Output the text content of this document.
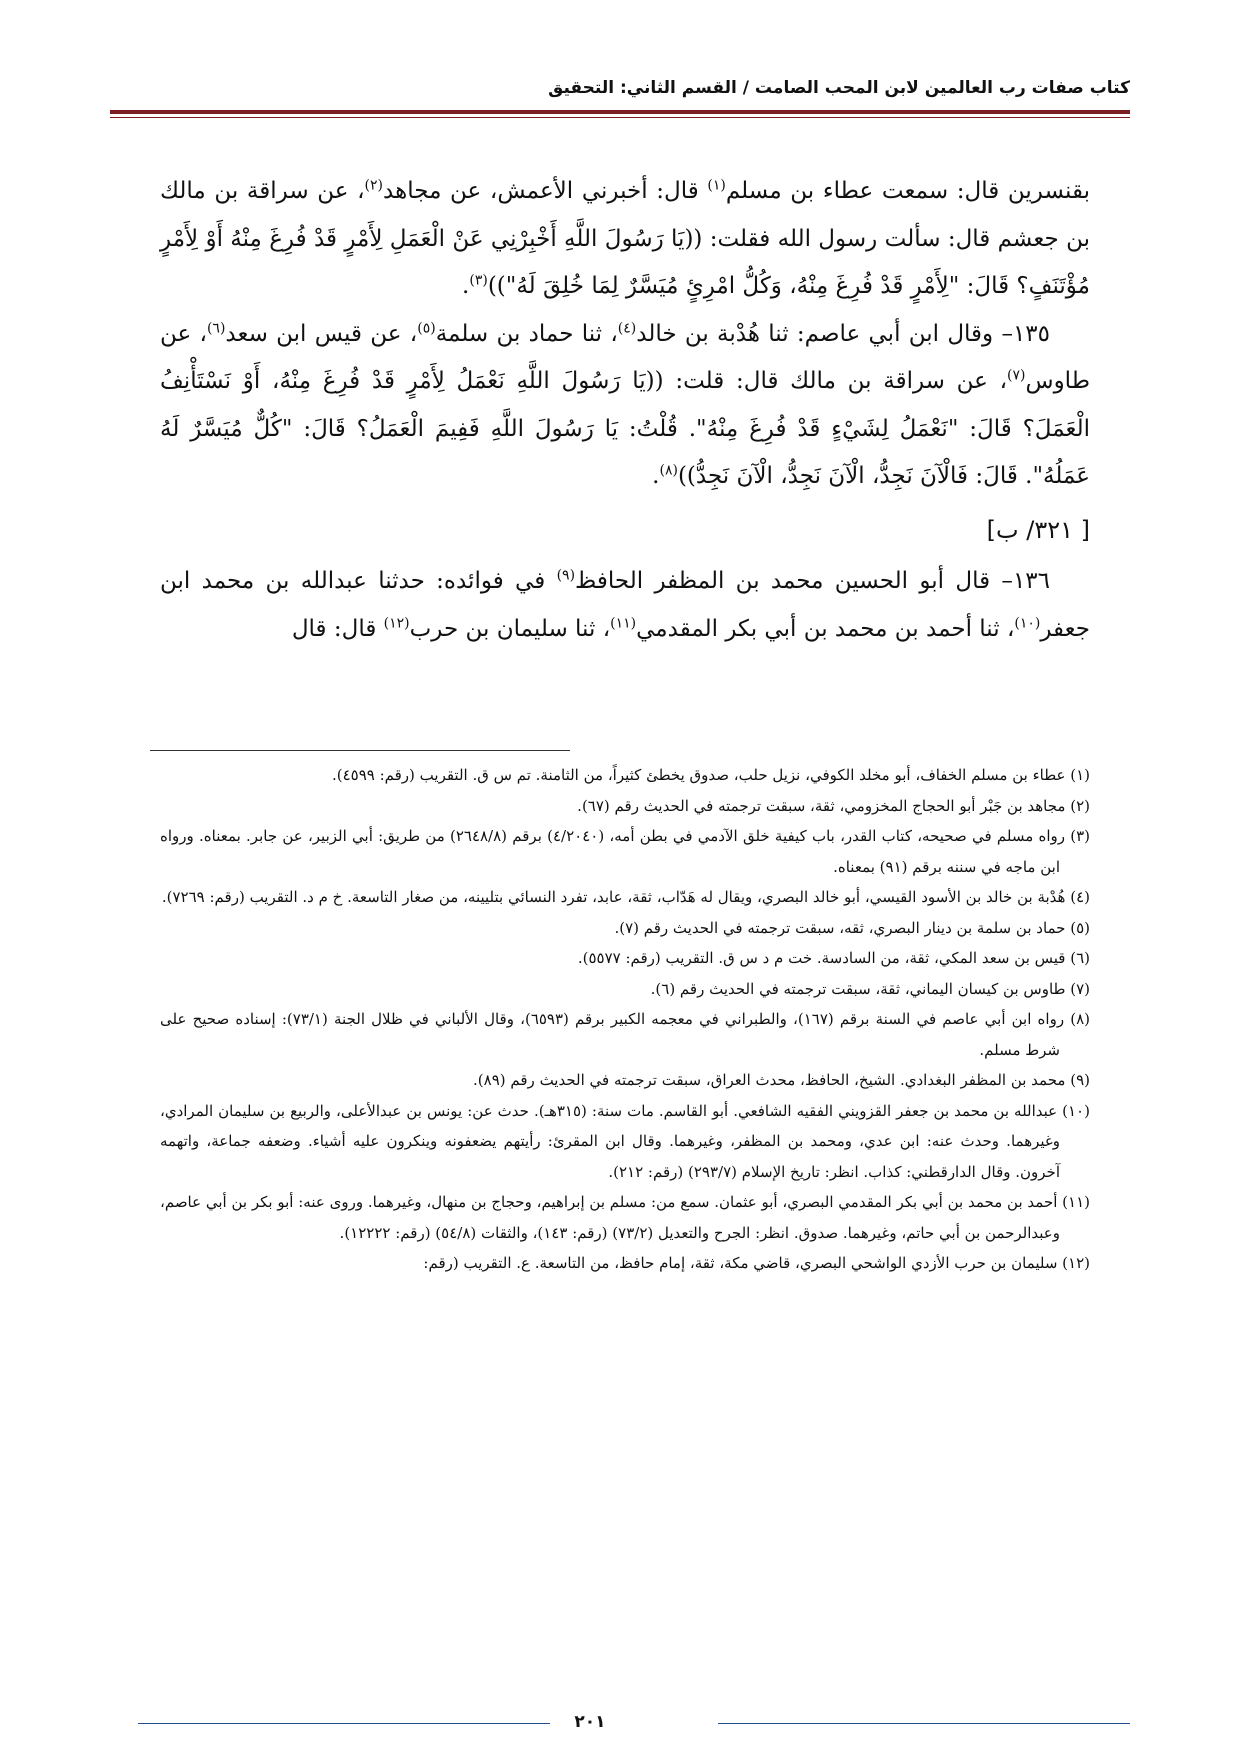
كتاب صفات رب العالمين لابن المحب الصامت / القسم الثاني: التحقيق

بقنسرين قال: سمعت عطاء بن مسلم$^{(١)}$ قال: أخبرني الأعمش، عن مجاهد$^{(٢)}$، عن سراقة بن مالك بن جعشم قال: سألت رسول الله فقلت: ((يَا رَسُولَ اللَّهِ أَخْبِرْنِي عَنْ الْعَمَلِ لِأَمْرٍ قَدْ فُرِغَ مِنْهُ أَوْ لِأَمْرٍ مُؤْتَنَفٍ؟ قَالَ: "لِأَمْرٍ قَدْ فُرِغَ مِنْهُ، وَكُلُّ امْرِئٍ مُيَسَّرٌ لِمَا خُلِقَ لَهُ"))$^{(٣)}$.

١٣٥– وقال ابن أبي عاصم: ثنا هُدْبة بن خالد$^{(٤)}$، ثنا حماد بن سلمة$^{(٥)}$، عن قيس ابن سعد$^{(٦)}$، عن طاوس$^{(٧)}$، عن سراقة بن مالك قال: قلت: ((يَا رَسُولَ اللَّهِ نَعْمَلُ لِأَمْرٍ قَدْ فُرِغَ مِنْهُ، أَوْ نَسْتَأْنِفُ الْعَمَلَ؟ قَالَ: "نَعْمَلُ لِشَيْءٍ قَدْ فُرِغَ مِنْهُ". قُلْتُ: يَا رَسُولَ اللَّهِ فَفِيمَ الْعَمَلُ؟ قَالَ: "كُلٌّ مُيَسَّرٌ لَهُ عَمَلُهُ". قَالَ: فَالْآنَ نَجِدُّ، الْآنَ نَجِدُّ، الْآنَ نَجِدُّ))$^{(٨)}$.

[ ٣٢١/ ب]

١٣٦– قال أبو الحسين محمد بن المظفر الحافظ$^{(٩)}$ في فوائده: حدثنا عبدالله بن محمد ابن جعفر$^{(١٠)}$، ثنا أحمد بن محمد بن أبي بكر المقدمي$^{(١١)}$، ثنا سليمان بن حرب$^{(١٢)}$ قال: قال

(١) عطاء بن مسلم الخفاف، أبو مخلد الكوفي، نزيل حلب، صدوق يخطئ كثيراً، من الثامنة. تم س ق. التقريب (رقم: ٤٥٩٩).

(٢) مجاهد بن جَبْر أبو الحجاج المخزومي، ثقة، سبقت ترجمته في الحديث رقم (٦٧).

(٣) رواه مسلم في صحيحه، كتاب القدر، باب كيفية خلق الآدمي في بطن أمه، (٤/٢٠٤٠) برقم (٢٦٤٨/٨) من طريق: أبي الزبير، عن جابر. بمعناه. ورواه ابن ماجه في سننه برقم (٩١) بمعناه.

(٤) هُدْبة بن خالد بن الأسود القيسي، أبو خالد البصري، ويقال له هَدّاب، ثقة، عابد، تفرد النسائي بتليينه، من صغار التاسعة. خ م د. التقريب (رقم: ٧٢٦٩).

(٥) حماد بن سلمة بن دينار البصري، ثقه، سبقت ترجمته في الحديث رقم (٧).

(٦) قيس بن سعد المكي، ثقة، من السادسة. خت م د س ق. التقريب (رقم: ٥٥٧٧).

(٧) طاوس بن كيسان اليماني، ثقة، سبقت ترجمته في الحديث رقم (٦).

(٨) رواه ابن أبي عاصم في السنة برقم (١٦٧)، والطبراني في معجمه الكبير برقم (٦٥٩٣)، وقال الألباني في ظلال الجنة (٧٣/١): إسناده صحيح على شرط مسلم.

(٩) محمد بن المظفر البغدادي. الشيخ، الحافظ، محدث العراق، سبقت ترجمته في الحديث رقم (٨٩).

(١٠) عبدالله بن محمد بن جعفر القزويني الفقيه الشافعي. أبو القاسم. مات سنة: (٣١٥هـ). حدث عن: يونس بن عبدالأعلى، والربيع بن سليمان المرادي، وغيرهما. وحدث عنه: ابن عدي، ومحمد بن المظفر، وغيرهما. وقال ابن المقرئ: رأيتهم يضعفونه وينكرون عليه أشياء. وضعفه جماعة، واتهمه آخرون. وقال الدارقطني: كذاب. انظر: تاريخ الإسلام (٢٩٣/٧) (رقم: ٢١٢).

(١١) أحمد بن محمد بن أبي بكر المقدمي البصري، أبو عثمان. سمع من: مسلم بن إبراهيم، وحجاج بن منهال، وغيرهما. وروى عنه: أبو بكر بن أبي عاصم، وعبدالرحمن بن أبي حاتم، وغيرهما. صدوق. انظر: الجرح والتعديل (٧٣/٢) (رقم: ١٤٣)، والثقات (٥٤/٨) (رقم: ١٢٢٢٢).

(١٢) سليمان بن حرب الأزدي الواشحي البصري، قاضي مكة، ثقة، إمام حافظ، من التاسعة. ع. التقريب (رقم:

٢٠١
